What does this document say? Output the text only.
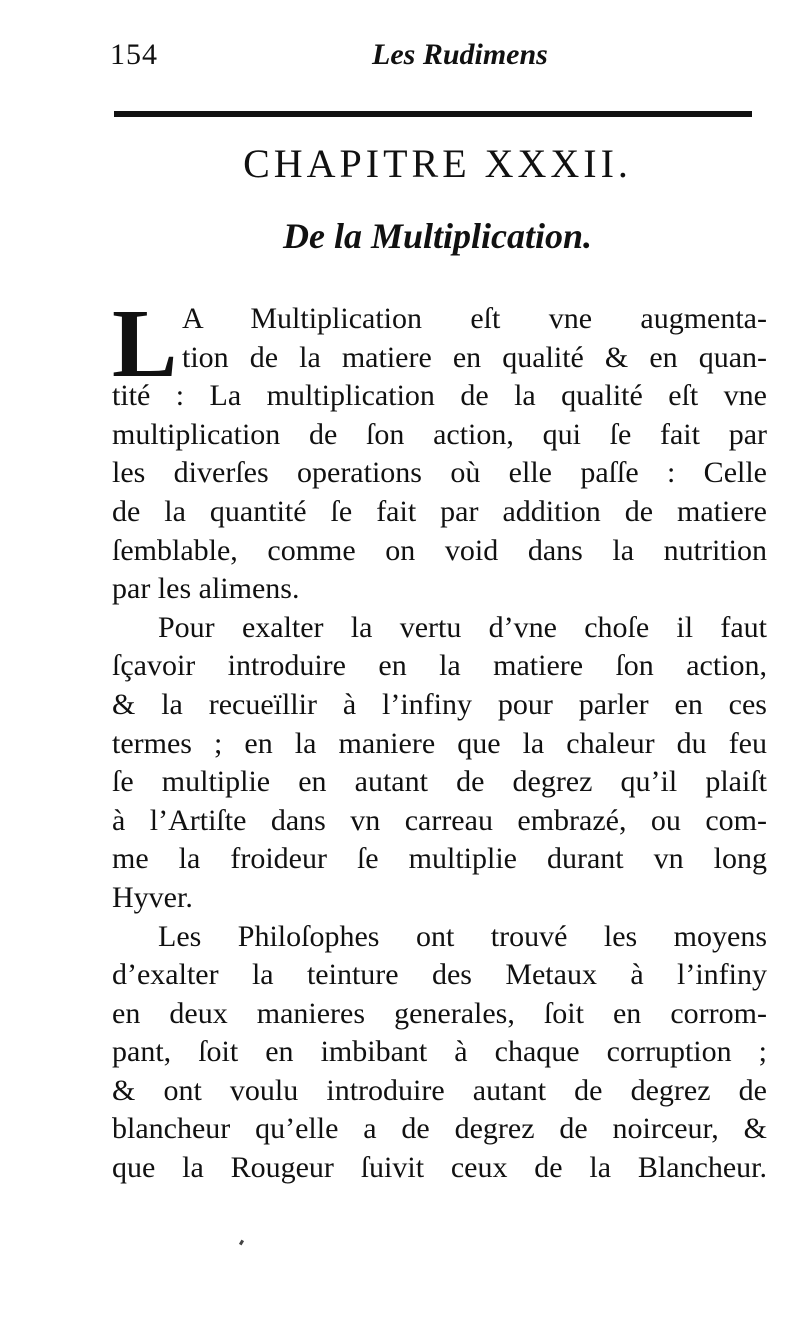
154	Les Rudimens
CHAPITRE XXXII.
De la Multiplication.
L A Multiplication eſt vne augmenta-
tion de la matiere en qualité & en quan-
tité : La multiplication de la qualité eſt vne
multiplication de ſon action, qui ſe fait par
les diverſes operations où elle paſſe : Celle
de la quantité ſe fait par addition de matiere
ſemblable, comme on void dans la nutrition
par les alimens.
Pour exalter la vertu d’vne choſe il faut
ſçavoir introduire en la matiere ſon action,
& la recueïllir à l’infiny pour parler en ces
termes ; en la maniere que la chaleur du feu
ſe multiplie en autant de degrez qu’il plaiſt
à l’Artiſte dans vn carreau embrazé, ou com-
me la froideur ſe multiplie durant vn long
Hyver.
Les Philoſophes ont trouvé les moyens
d’exalter la teinture des Metaux à l’infiny
en deux manieres generales, ſoit en corrom-
pant, ſoit en imbibant à chaque corruption ;
& ont voulu introduire autant de degrez de
blancheur qu’elle a de degrez de noirceur, &
que la Rougeur ſuivit ceux de la Blancheur.
